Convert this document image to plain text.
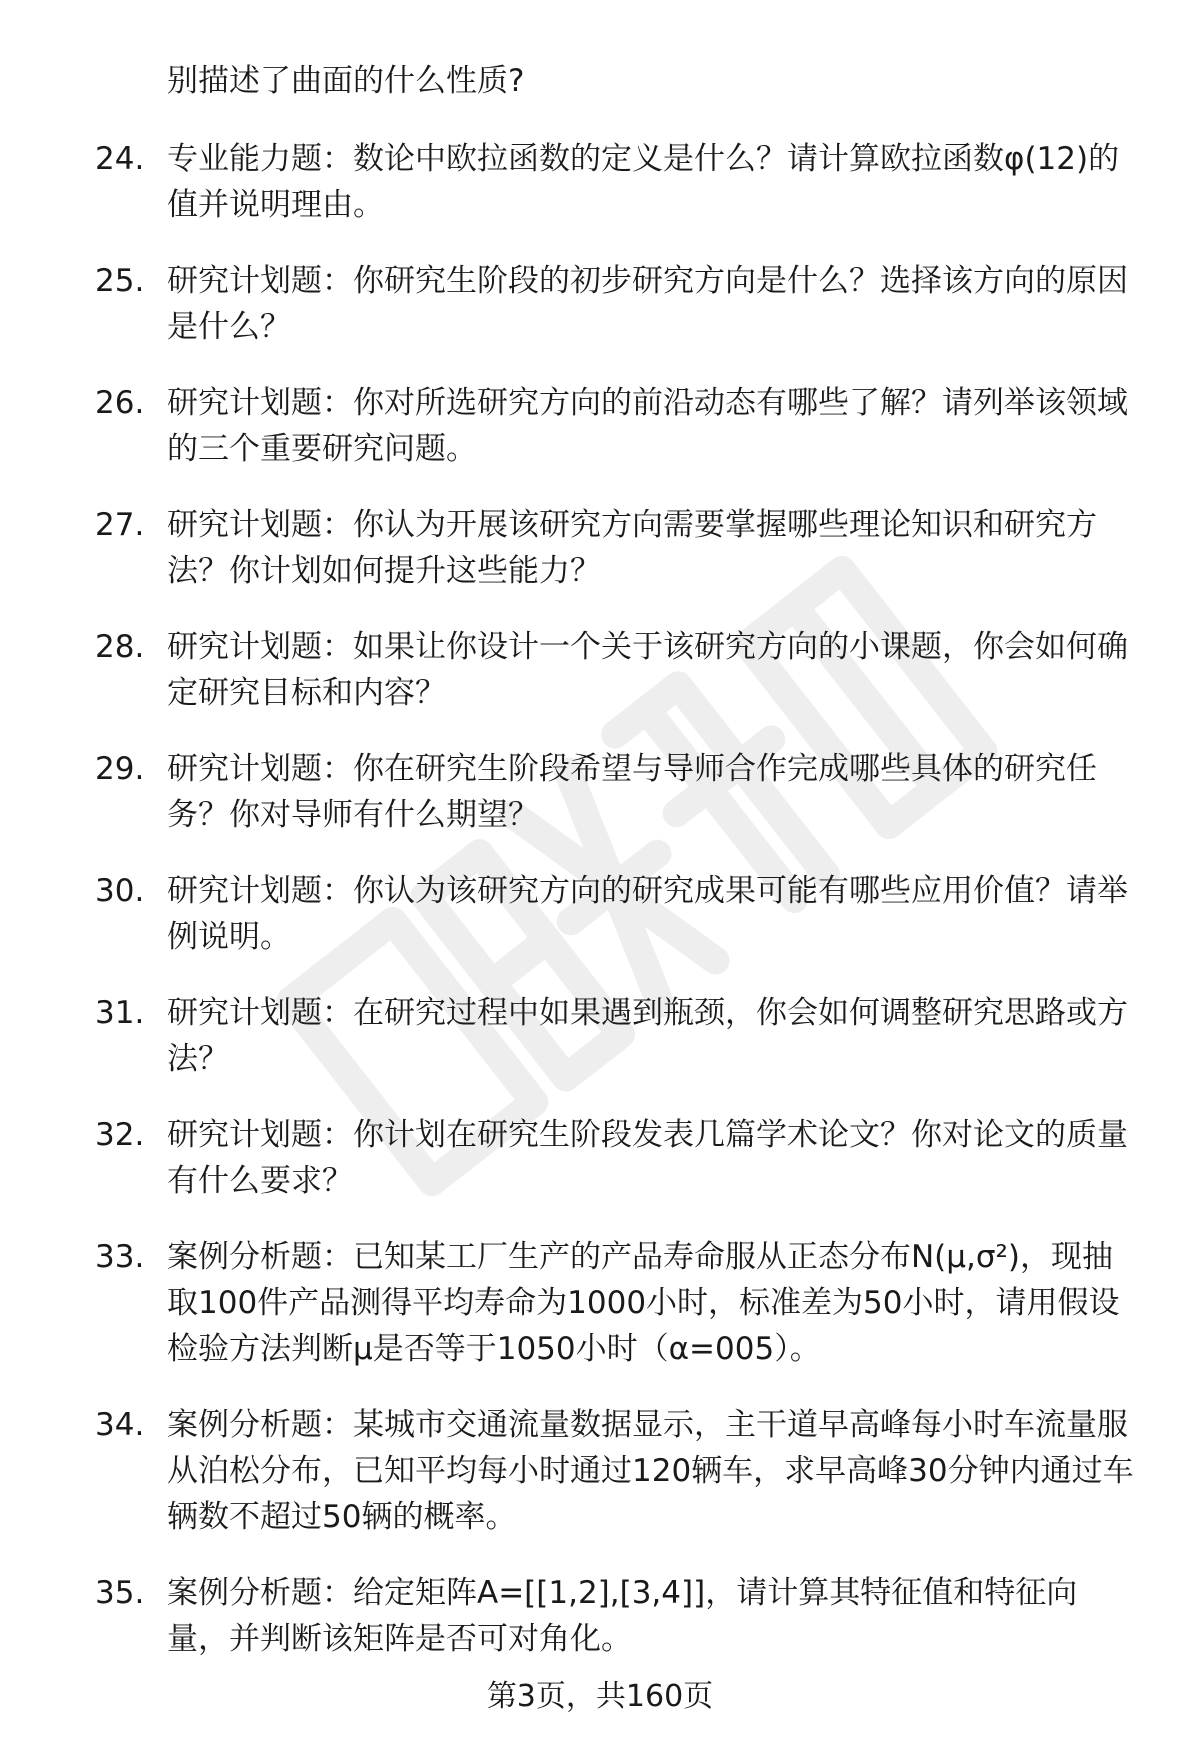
别描述了曲面的什么性质?
24. 专业能力题：数论中欧拉函数的定义是什么？请计算欧拉函数φ(12)的值并说明理由。
25. 研究计划题：你研究生阶段的初步研究方向是什么？选择该方向的原因是什么？
26. 研究计划题：你对所选研究方向的前沿动态有哪些了解？请列举该领域的三个重要研究问题。
27. 研究计划题：你认为开展该研究方向需要掌握哪些理论知识和研究方法？你计划如何提升这些能力？
28. 研究计划题：如果让你设计一个关于该研究方向的小课题，你会如何确定研究目标和内容？
29. 研究计划题：你在研究生阶段希望与导师合作完成哪些具体的研究任务？你对导师有什么期望？
30. 研究计划题：你认为该研究方向的研究成果可能有哪些应用价值？请举例说明。
31. 研究计划题：在研究过程中如果遇到瓶颈，你会如何调整研究思路或方法？
32. 研究计划题：你计划在研究生阶段发表几篇学术论文？你对论文的质量有什么要求？
33. 案例分析题：已知某工厂生产的产品寿命服从正态分布N(μ,σ²)，现抽取100件产品测得平均寿命为1000小时，标准差为50小时，请用假设检验方法判断μ是否等于1050小时（α=005）。
34. 案例分析题：某城市交通流量数据显示，主干道早高峰每小时车流量服从泊松分布，已知平均每小时通过120辆车，求早高峰30分钟内通过车辆数不超过50辆的概率。
35. 案例分析题：给定矩阵A=[[1,2],[3,4]]，请计算其特征值和特征向量，并判断该矩阵是否可对角化。
第3页，共160页
